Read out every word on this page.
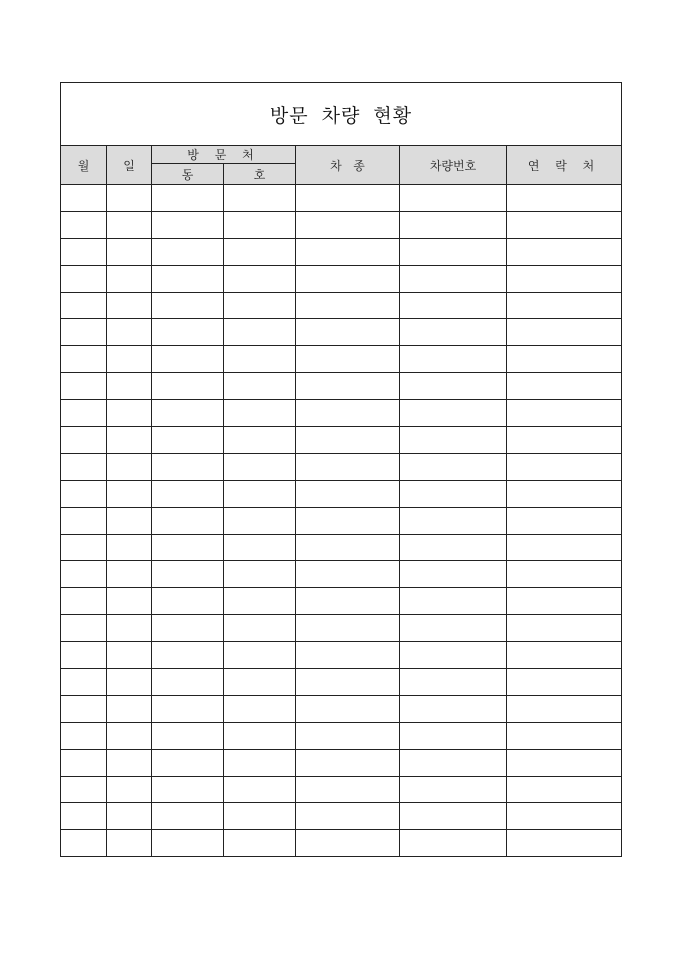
방문 차량 현황						
월	일	방 문 처		차   종	차량번호	연 락 처
		동	호			
